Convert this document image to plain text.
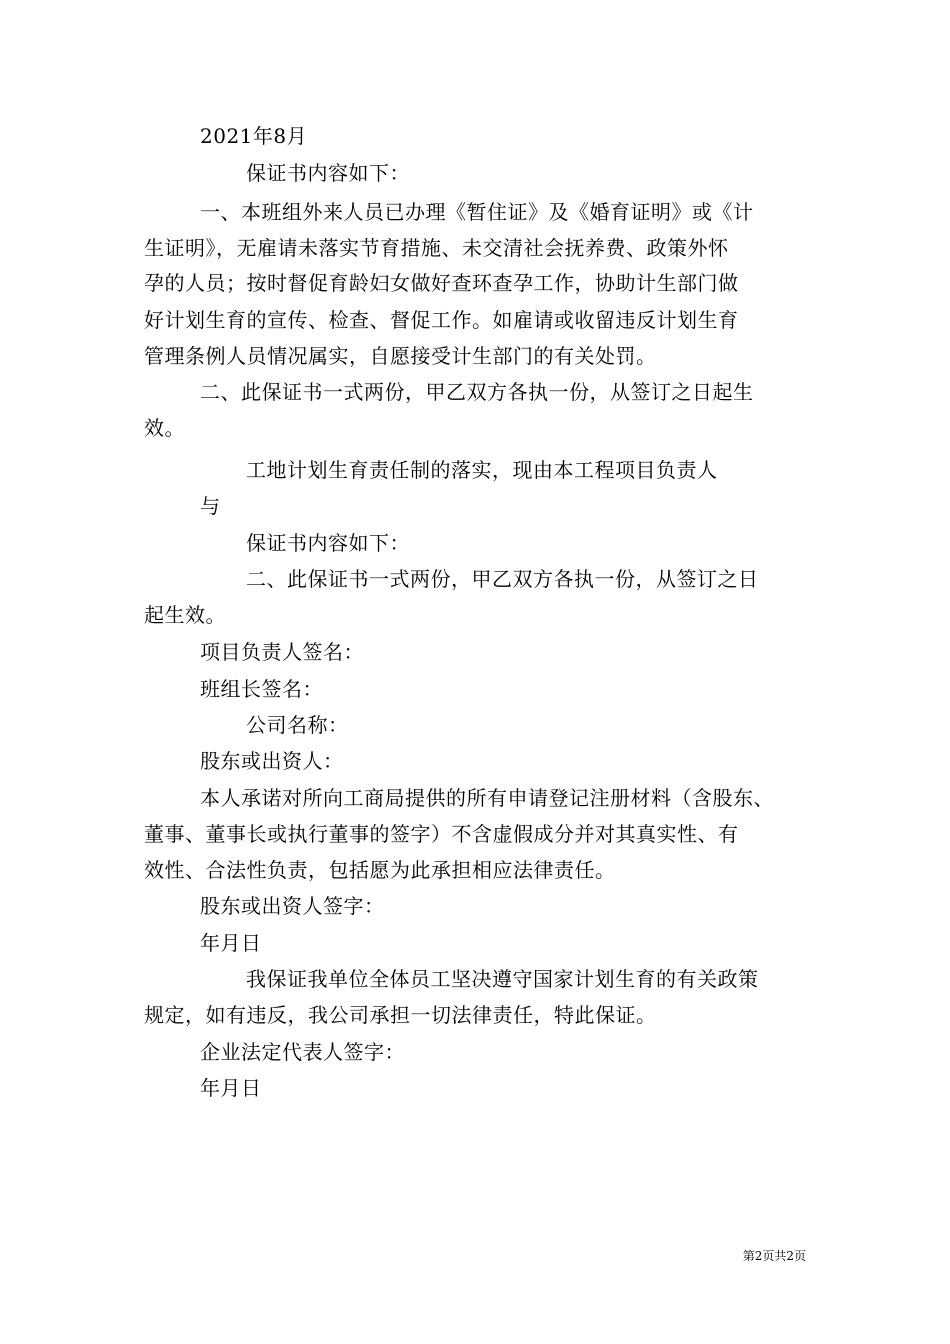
2021年8月
保证书内容如下：
一、本班组外来人员已办理《暂住证》及《婚育证明》或《计
生证明》，无雇请未落实节育措施、未交清社会抚养费、政策外怀
孕的人员；按时督促育龄妇女做好查环查孕工作，协助计生部门做
好计划生育的宣传、检查、督促工作。如雇请或收留违反计划生育
管理条例人员情况属实，自愿接受计生部门的有关处罚。
二、此保证书一式两份，甲乙双方各执一份，从签订之日起生
效。
工地计划生育责任制的落实，现由本工程项目负责人
与
保证书内容如下：
二、此保证书一式两份，甲乙双方各执一份，从签订之日
起生效。
项目负责人签名：
班组长签名：
公司名称：
股东或出资人：
本人承诺对所向工商局提供的所有申请登记注册材料（含股东、
董事、董事长或执行董事的签字）不含虚假成分并对其真实性、有
效性、合法性负责，包括愿为此承担相应法律责任。
股东或出资人签字：
年月日
我保证我单位全体员工坚决遵守国家计划生育的有关政策
规定，如有违反，我公司承担一切法律责任，特此保证。
企业法定代表人签字：
年月日
第2页共2页
